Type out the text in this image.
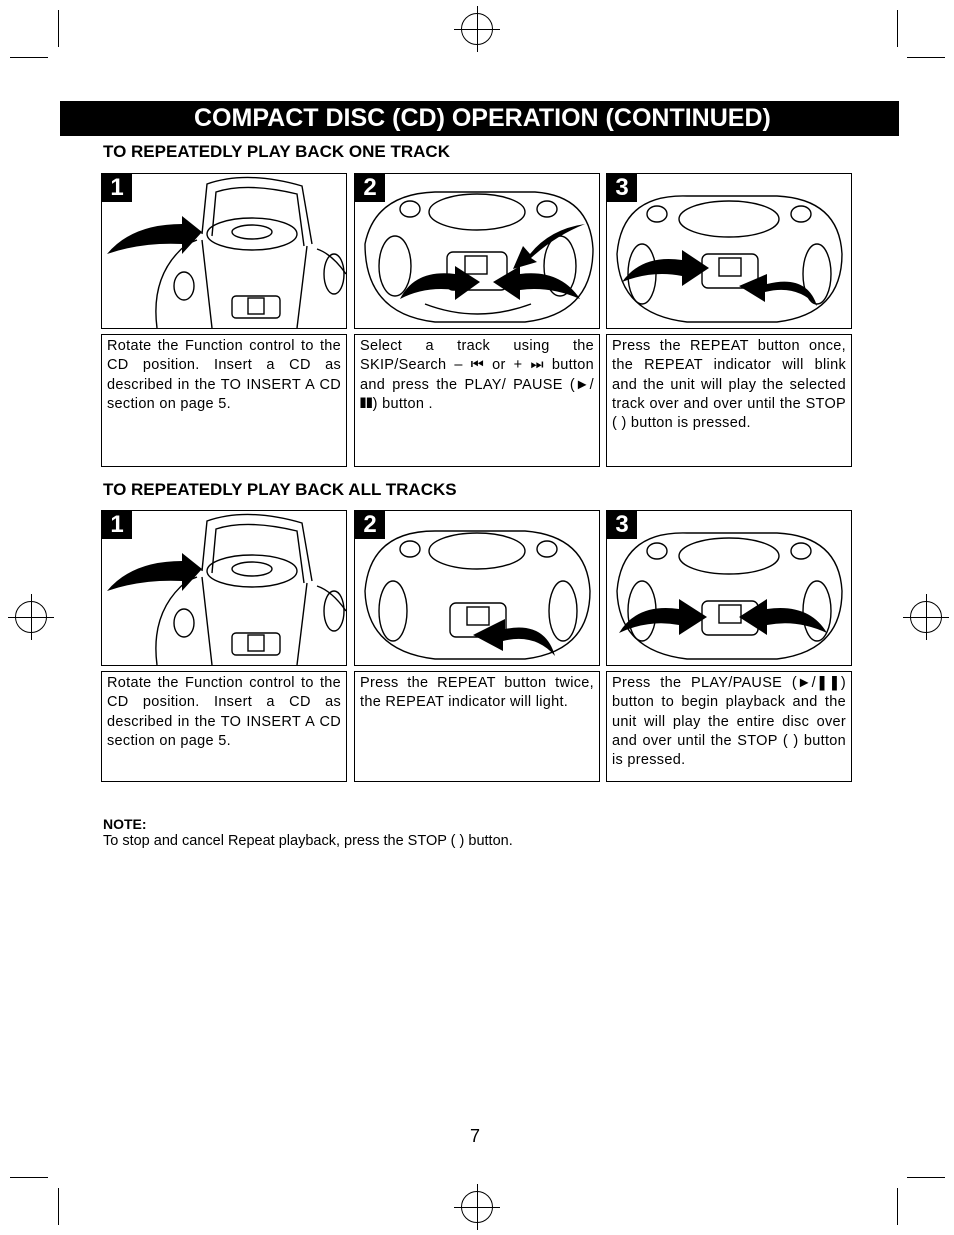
COMPACT DISC (CD) OPERATION (CONTINUED)
TO REPEATEDLY PLAY BACK ONE TRACK
1	2	3
Rotate the Function control to the CD position. Insert a CD as described in the TO INSERT A CD section on page 5.
Select a track using the SKIP/Search – ⏮ or + ⏭ button and press the PLAY/ PAUSE (►/❚❚) button .
Press the REPEAT button once, the REPEAT indicator will blink and the unit will play the selected track over and over until the STOP ( ) button is pressed.
TO REPEATEDLY PLAY BACK ALL TRACKS
1	2	3
Rotate the Function control to the CD position. Insert a CD as described in the TO INSERT A CD section on page 5.
Press the REPEAT button twice, the REPEAT indicator will light.
Press the PLAY/PAUSE (►/❚❚) button to begin playback and the unit will play the entire disc over and over until the STOP ( ) button is pressed.
NOTE:
To stop and cancel Repeat playback, press the STOP ( ) button.
7
